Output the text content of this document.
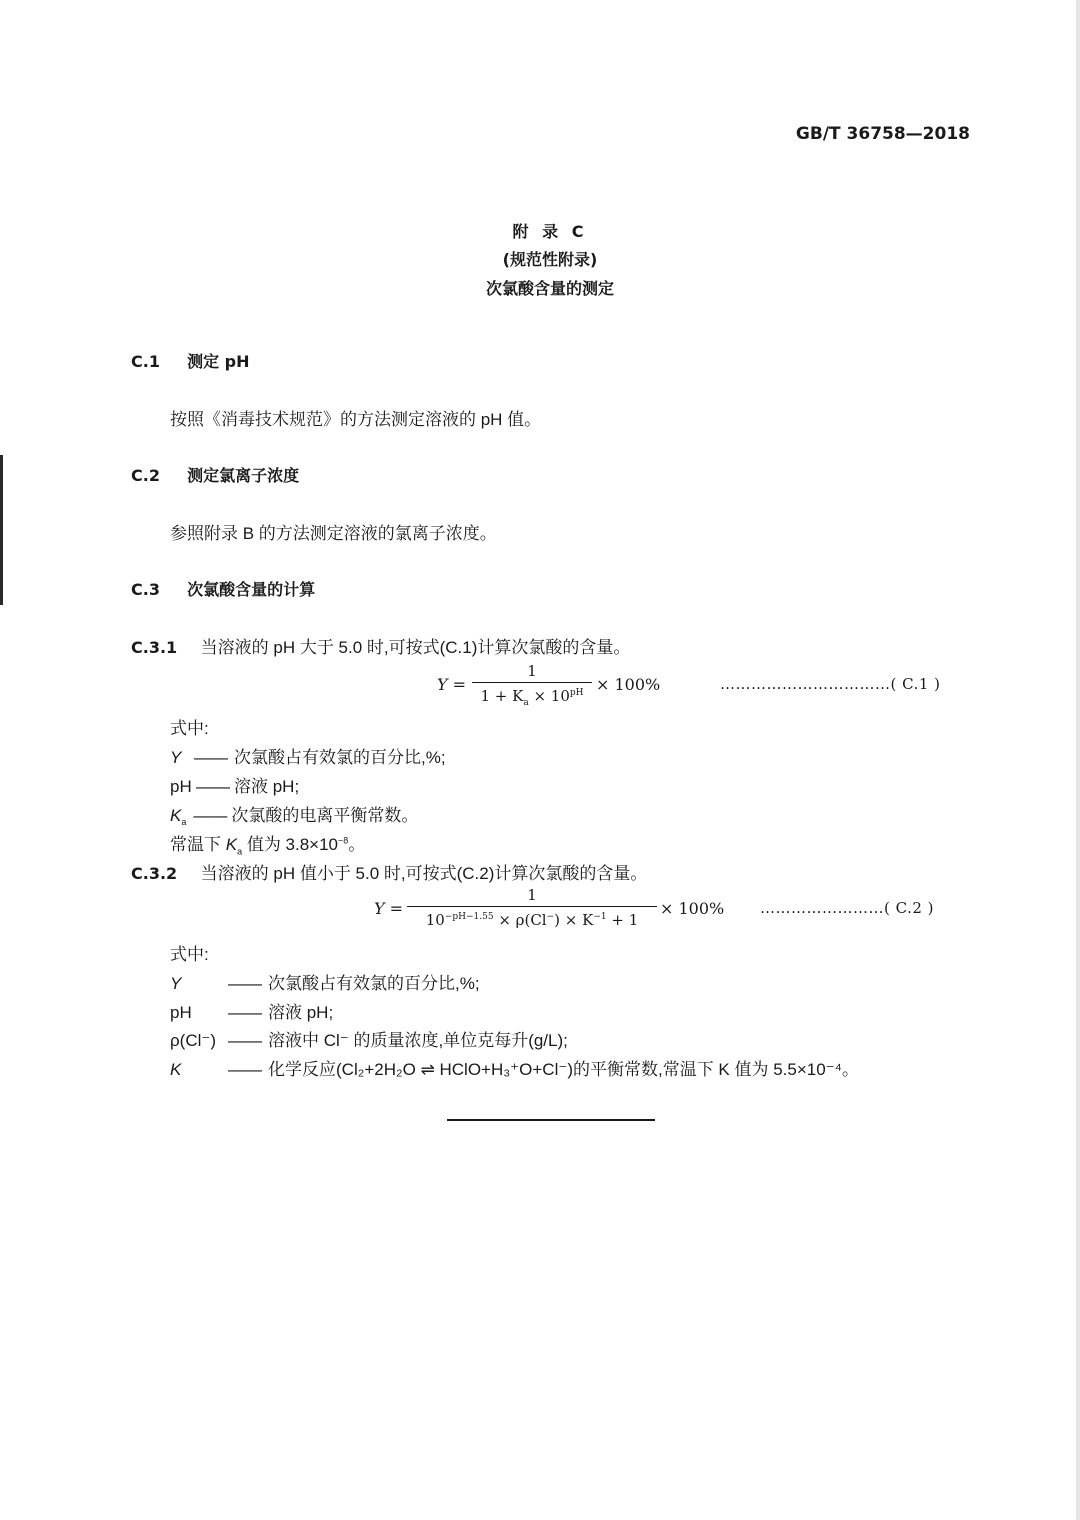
GB/T 36758—2018
附 录 C
(规范性附录)
次氯酸含量的测定
C.1 测定 pH
按照《消毒技术规范》的方法测定溶液的 pH 值。
C.2 测定氯离子浓度
参照附录 B 的方法测定溶液的氯离子浓度。
C.3 次氯酸含量的计算
C.3.1 当溶液的 pH 大于 5.0 时,可按式(C.1)计算次氯酸的含量。
Y =
1
$1 + K_a \times 10^{pH} \times 100\%$	……………………………( C.1 )
式中:
Y —— 次氯酸占有效氯的百分比,%;
pH —— 溶液 pH;
$K_a$ —— 次氯酸的电离平衡常数。
常温下 $K_a$ 值为 $3.8\times 10^{-8}$。
C.3.2 当溶液的 pH 值小于 5.0 时,可按式(C.2)计算次氯酸的含量。
Y =
1
$10^{-pH-1.55} \times \rho(Cl^-) \times K^{-1} + 1$
× 100% ……………………( C.2 )
式中:
Y	—— 次氯酸占有效氯的百分比,%;
pH —— 溶液 pH;
ρ(Cl⁻) —— 溶液中 Cl⁻ 的质量浓度,单位克每升(g/L);
K	—— 化学反应(Cl₂+2H₂O ⇌ HClO+H₃⁺O+Cl⁻)的平衡常数,常温下 K 值为 5.5×10⁻⁴。
